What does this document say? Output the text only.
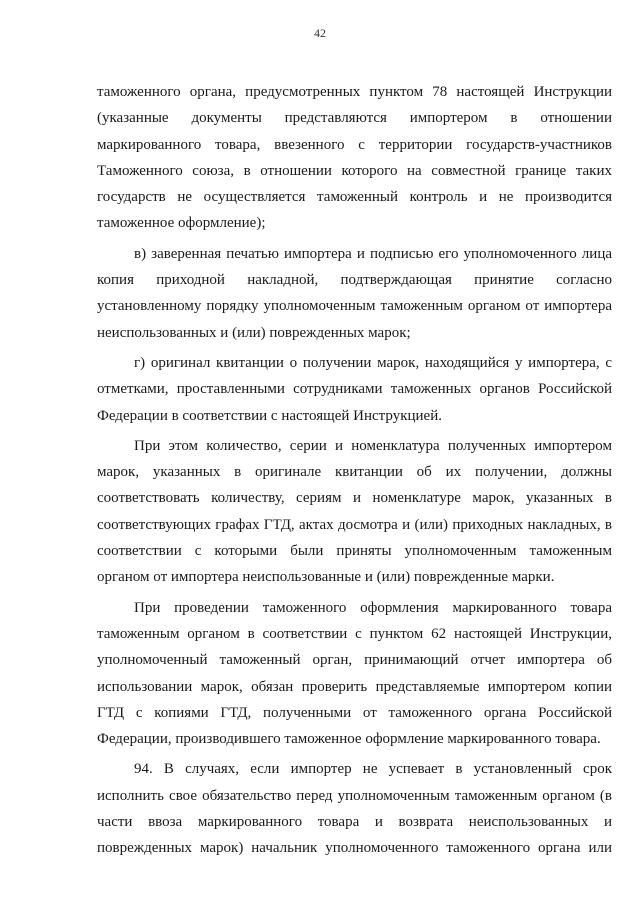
42

таможенного органа, предусмотренных пунктом 78 настоящей Инструкции (указанные документы представляются импортером в отношении маркированного товара, ввезенного с территории государств-участников Таможенного союза, в отношении которого на совместной границе таких государств не осуществляется таможенный контроль и не производится таможенное оформление);

в) заверенная печатью импортера и подписью его уполномоченного лица копия приходной накладной, подтверждающая принятие согласно установленному порядку уполномоченным таможенным органом от импортера неиспользованных и (или) поврежденных марок;

г) оригинал квитанции о получении марок, находящийся у импортера, с отметками, проставленными сотрудниками таможенных органов Российской Федерации в соответствии с настоящей Инструкцией.

При этом количество, серии и номенклатура полученных импортером марок, указанных в оригинале квитанции об их получении, должны соответствовать количеству, сериям и номенклатуре марок, указанных в соответствующих графах ГТД, актах досмотра и (или) приходных накладных, в соответствии с которыми были приняты уполномоченным таможенным органом от импортера неиспользованные и (или) поврежденные марки.

При проведении таможенного оформления маркированного товара таможенным органом в соответствии с пунктом 62 настоящей Инструкции, уполномоченный таможенный орган, принимающий отчет импортера об использовании марок, обязан проверить представляемые импортером копии ГТД с копиями ГТД, полученными от таможенного органа Российской Федерации, производившего таможенное оформление маркированного товара.

94. В случаях, если импортер не успевает в установленный срок исполнить свое обязательство перед уполномоченным таможенным органом (в части ввоза маркированного товара и возврата неиспользованных и поврежденных марок) начальник уполномоченного таможенного органа или
